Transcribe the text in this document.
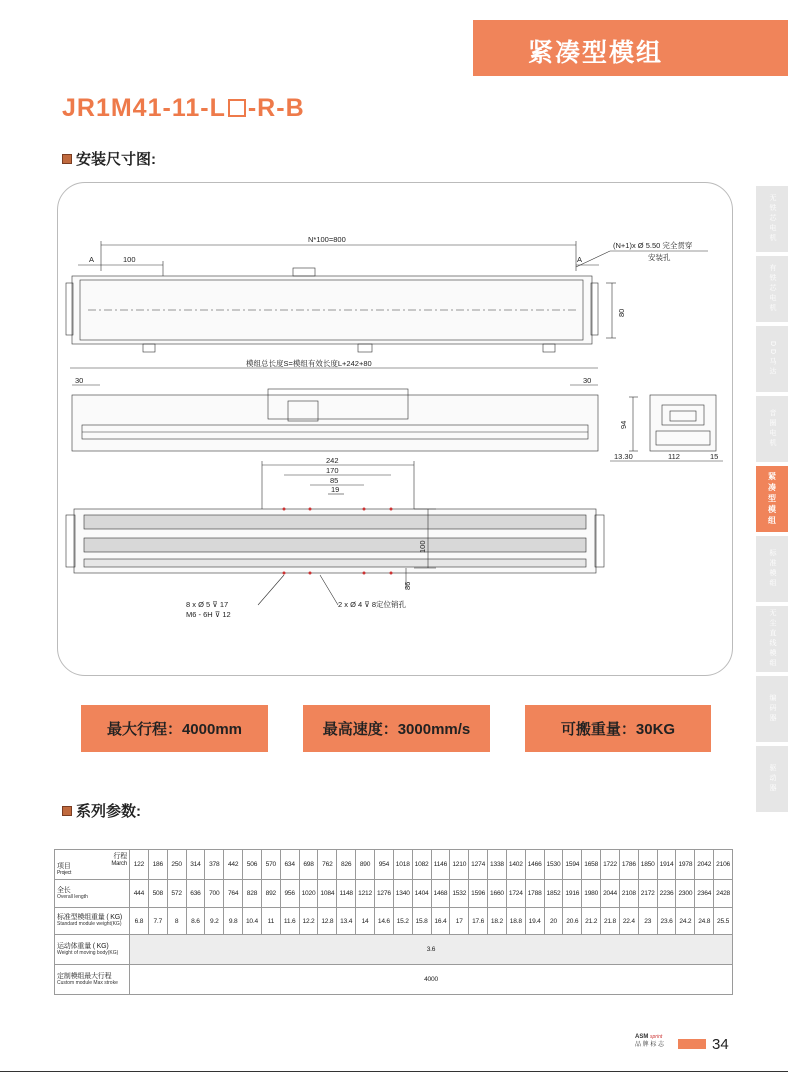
紧凑型模组
JR1M41-11-L -R-B
安装尺寸图:
N*100=800
A	A
100
(N+1)x Ø 5.50 完全贯穿
安装孔
80
模组总长度S=模组有效长度L+242+80
30	30
94
13.30	112	15
242
170
85
19
100
86
8 x Ø 5 ⊽ 17
M6 - 6H ⊽ 12
2 x Ø 4 ⊽ 8定位销孔
无铁芯电机
有铁芯电机
DD马达
音圈电机
紧凑型模组
标准模组
无尘直线模组
编码器
驱动器
最大行程：4000mm	最高速度：3000mm/s	可搬重量：30KG
系列参数:
行程
March
项目
Project	122	186	250	314	378	442	506	570	634	698	762	826	890	954	1018	1082	1146	1210	1274	1338	1402	1466	1530	1594	1658	1722	1786	1850	1914	1978	2042	2106
全长
Overall length	444	508	572	636	700	764	828	892	956	1020	1084	1148	1212	1276	1340	1404	1468	1532	1596	1660	1724	1788	1852	1916	1980	2044	2108	2172	2236	2300	2364	2428
标准型模组重量 ( KG)
Standard module weight(KG)	6.8	7.7	8	8.6	9.2	9.8	10.4	11	11.6	12.2	12.8	13.4	14	14.6	15.2	15.8	16.4	17	17.6	18.2	18.8	19.4	20	20.6	21.2	21.8	22.4	23	23.6	24.2	24.8	25.5
运动体重量 ( KG)
Weight of moving body(KG)	3.6																															
定制模组最大行程
Custom module Max stroke	4000																															
ASM sprint
品 牌 标 志	34
